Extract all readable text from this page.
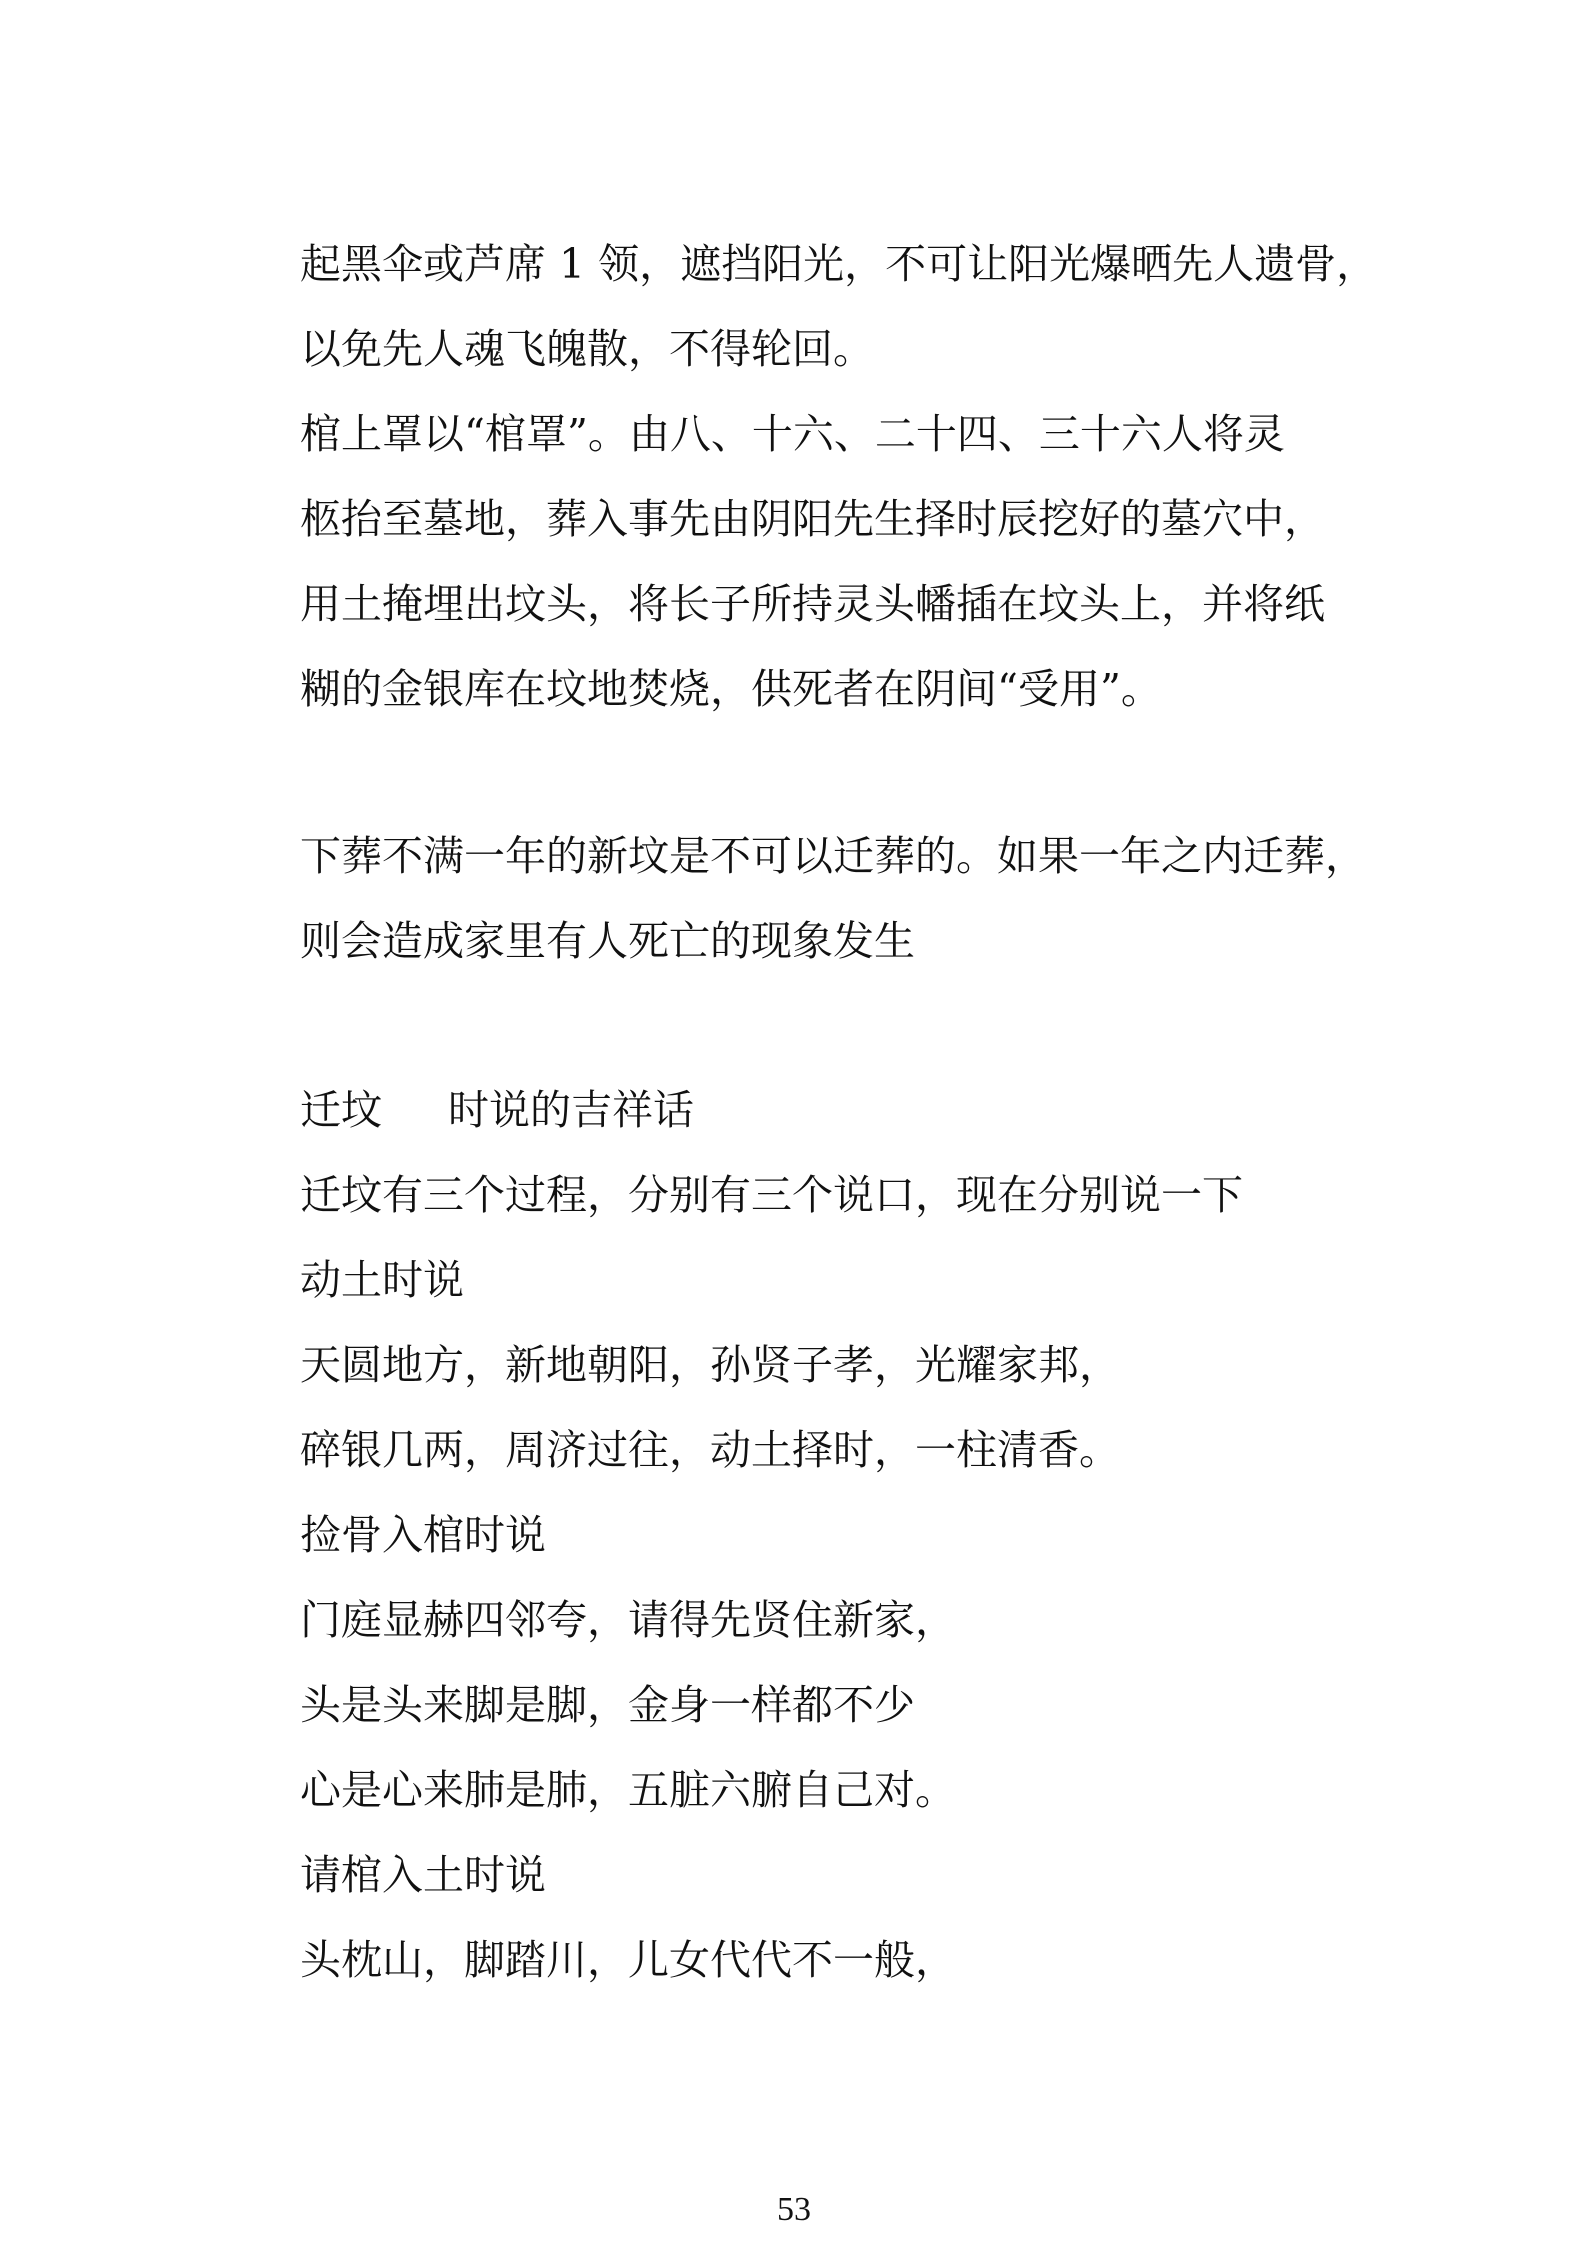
起黑伞或芦席 1 领，遮挡阳光，不可让阳光爆晒先人遗骨，
以免先人魂飞魄散，不得轮回。
棺上罩以“棺罩”。由八、十六、二十四、三十六人将灵
柩抬至墓地，葬入事先由阴阳先生择时辰挖好的墓穴中，
用土掩埋出坟头，将长子所持灵头幡插在坟头上，并将纸
糊的金银库在坟地焚烧，供死者在阴间“受用”。
下葬不满一年的新坟是不可以迁葬的。如果一年之内迁葬，
则会造成家里有人死亡的现象发生
迁坟 时说的吉祥话
迁坟有三个过程，分别有三个说口，现在分别说一下
动土时说
天圆地方，新地朝阳，孙贤子孝，光耀家邦，
碎银几两，周济过往，动土择时，一柱清香。
捡骨入棺时说
门庭显赫四邻夸，请得先贤住新家，
头是头来脚是脚，金身一样都不少
心是心来肺是肺，五脏六腑自己对。
请棺入土时说
头枕山，脚踏川，儿女代代不一般，
53
